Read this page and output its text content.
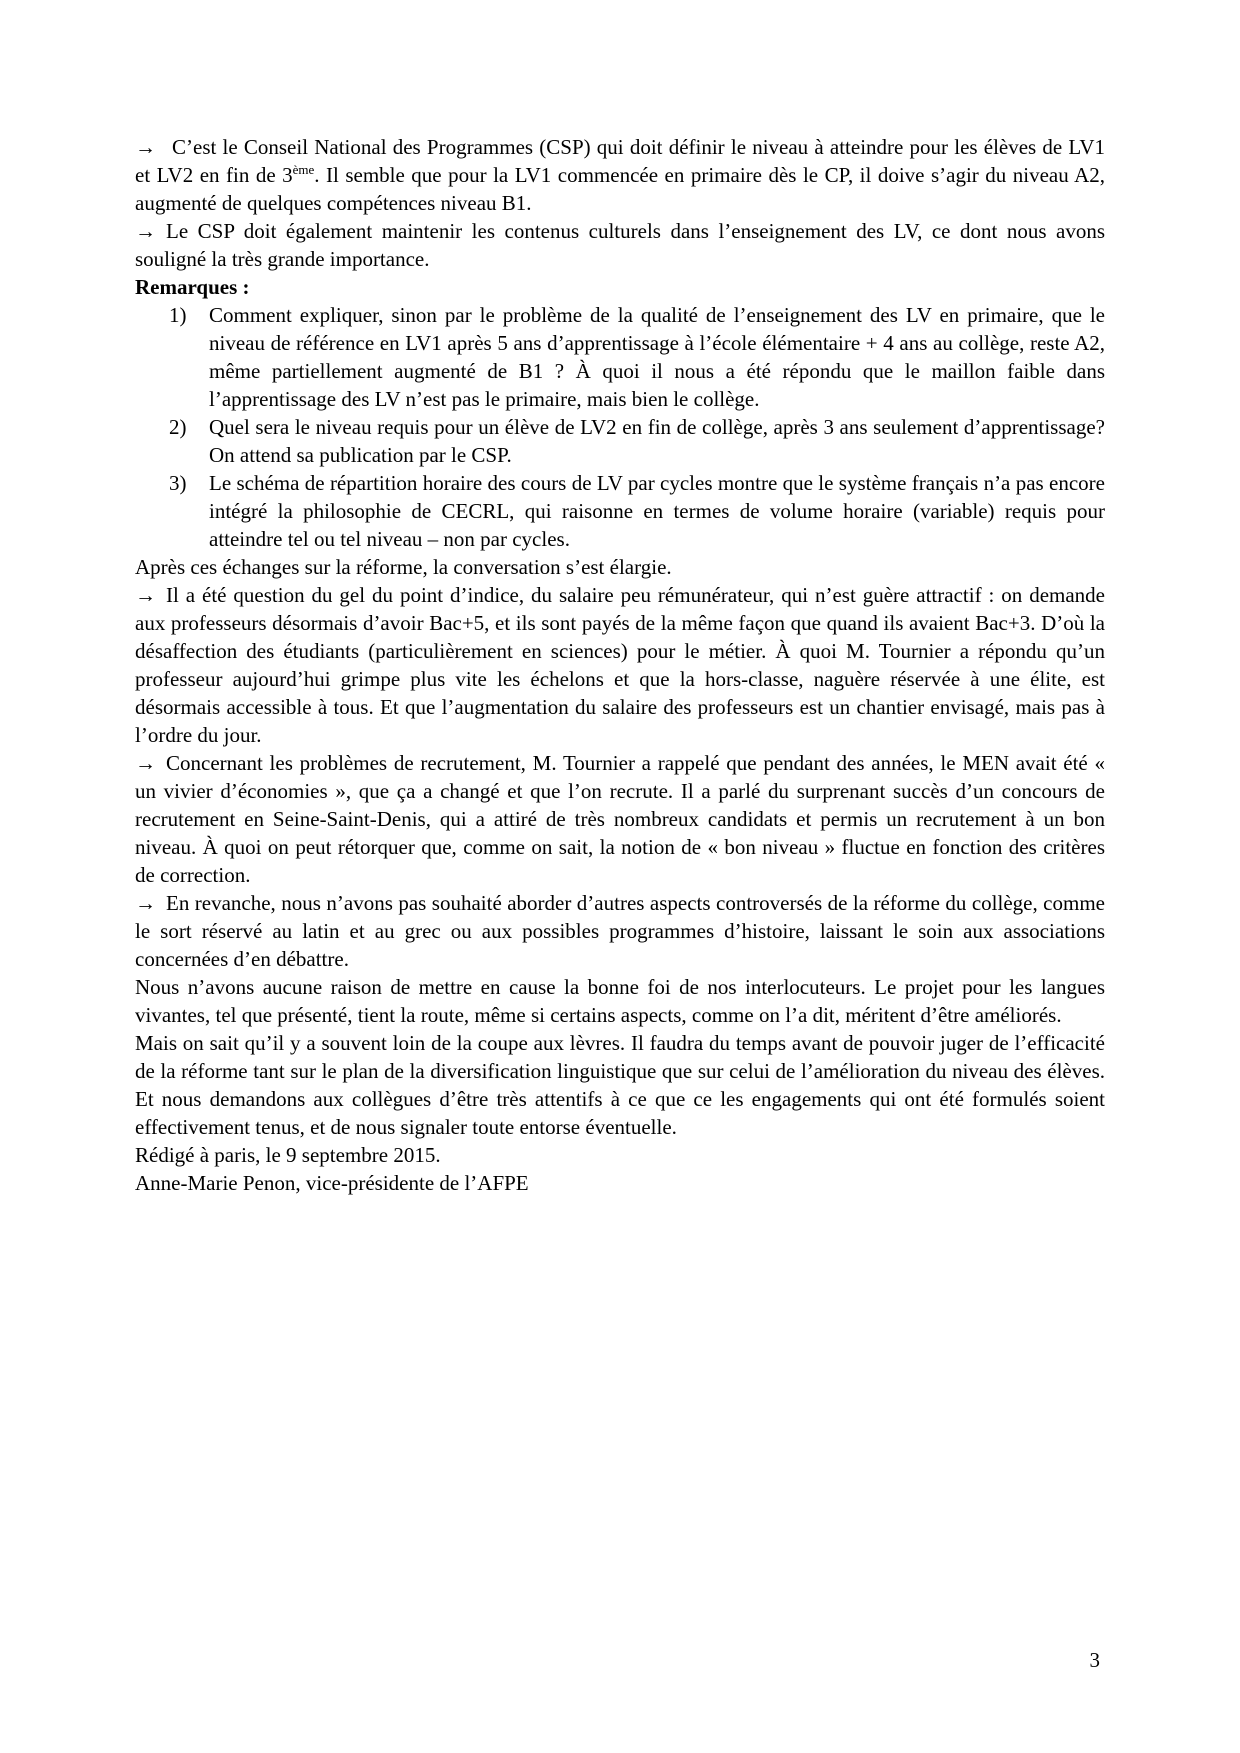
→ C’est le Conseil National des Programmes (CSP) qui doit définir le niveau à atteindre pour les élèves de LV1 et LV2 en fin de 3ème. Il semble que pour la LV1 commencée en primaire dès le CP, il doive s’agir du niveau A2, augmenté de quelques compétences niveau B1.

→ Le CSP doit également maintenir les contenus culturels dans l’enseignement des LV, ce dont nous avons souligné la très grande importance.

Remarques :

1)	Comment expliquer, sinon par le problème de la qualité de l’enseignement des LV en primaire, que le niveau de référence en LV1 après 5 ans d’apprentissage à l’école élémentaire + 4 ans au collège, reste A2, même partiellement augmenté de B1 ? À quoi il nous a été répondu que le maillon faible dans l’apprentissage des LV n’est pas le primaire, mais bien le collège.
2)	Quel sera le niveau requis pour un élève de LV2 en fin de collège, après 3 ans seulement d’apprentissage? On attend sa publication par le CSP.
3)	Le schéma de répartition horaire des cours de LV par cycles montre que le système français n’a pas encore intégré la philosophie de CECRL, qui raisonne en termes de volume horaire (variable) requis pour atteindre tel ou tel niveau – non par cycles.

Après ces échanges sur la réforme, la conversation s’est élargie.

→ Il a été question du gel du point d’indice, du salaire peu rémunérateur, qui n’est guère attractif : on demande aux professeurs désormais d’avoir Bac+5, et ils sont payés de la même façon que quand ils avaient Bac+3. D’où la désaffection des étudiants (particulièrement en sciences) pour le métier. À quoi M. Tournier a répondu qu’un professeur aujourd’hui grimpe plus vite les échelons et que la hors-classe, naguère réservée à une élite, est désormais accessible à tous. Et que l’augmentation du salaire des professeurs est un chantier envisagé, mais pas à l’ordre du jour.

→ Concernant les problèmes de recrutement, M. Tournier a rappelé que pendant des années, le MEN avait été « un vivier d’économies », que ça a changé et que l’on recrute. Il a parlé du surprenant succès d’un concours de recrutement en Seine-Saint-Denis, qui a attiré de très nombreux candidats et permis un recrutement à un bon niveau. À quoi on peut rétorquer que, comme on sait, la notion de « bon niveau » fluctue en fonction des critères de correction.

→ En revanche, nous n’avons pas souhaité aborder d’autres aspects controversés de la réforme du collège, comme le sort réservé au latin et au grec ou aux possibles programmes d’histoire, laissant le soin aux associations concernées d’en débattre.

Nous n’avons aucune raison de mettre en cause la bonne foi de nos interlocuteurs. Le projet pour les langues vivantes, tel que présenté, tient la route, même si certains aspects, comme on l’a dit, méritent d’être améliorés.

Mais on sait qu’il y a souvent loin de la coupe aux lèvres. Il faudra du temps avant de pouvoir juger de l’efficacité de la réforme tant sur le plan de la diversification linguistique que sur celui de l’amélioration du niveau des élèves. Et nous demandons aux collègues d’être très attentifs à ce que ce les engagements qui ont été formulés soient effectivement tenus, et de nous signaler toute entorse éventuelle.

Rédigé à paris, le 9 septembre 2015.

Anne-Marie Penon, vice-présidente de l’AFPE

3
